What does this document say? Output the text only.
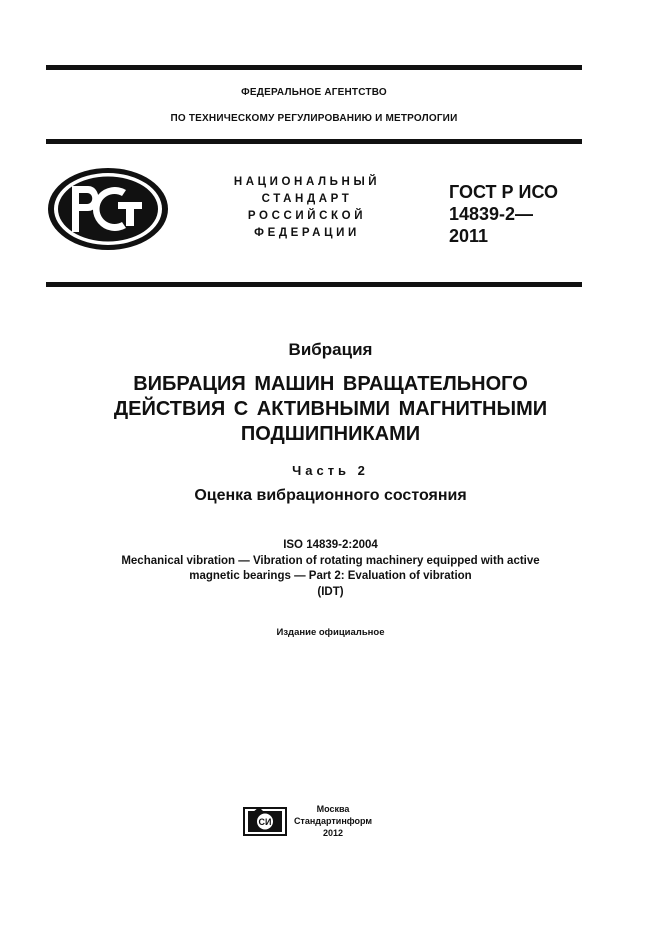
ФЕДЕРАЛЬНОЕ АГЕНТСТВО
ПО ТЕХНИЧЕСКОМУ РЕГУЛИРОВАНИЮ И МЕТРОЛОГИИ
РСТ
НАЦИОНАЛЬНЫЙ
СТАНДАРТ
РОССИЙСКОЙ
ФЕДЕРАЦИИ
ГОСТ Р ИСО
14839-2—
2011
Вибрация
ВИБРАЦИЯ МАШИН ВРАЩАТЕЛЬНОГО
ДЕЙСТВИЯ С АКТИВНЫМИ МАГНИТНЫМИ
ПОДШИПНИКАМИ
Часть 2
Оценка вибрационного состояния
ISO 14839-2:2004
Mechanical vibration — Vibration of rotating machinery equipped with active
magnetic bearings — Part 2: Evaluation of vibration
(IDT)
Издание официальное
СИ
Москва
Стандартинформ
2012
